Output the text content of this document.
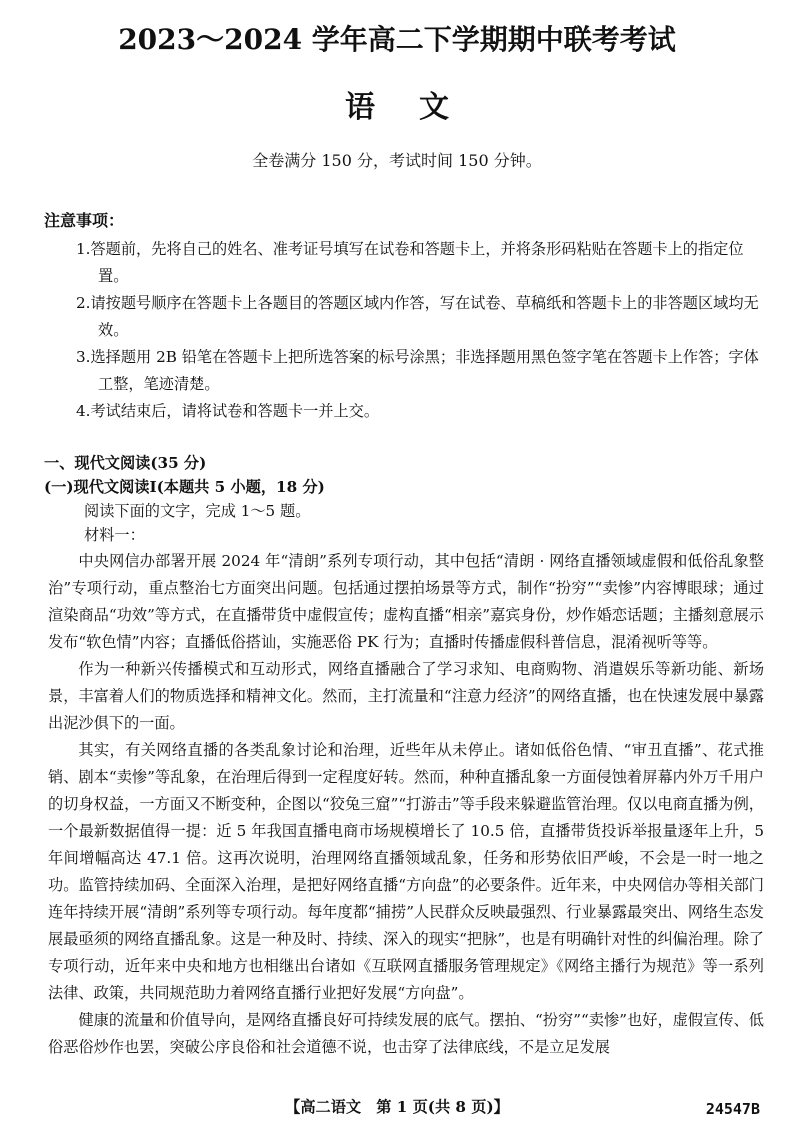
2023～2024 学年高二下学期期中联考考试
语文
全卷满分 150 分，考试时间 150 分钟。
注意事项：
1.答题前，先将自己的姓名、准考证号填写在试卷和答题卡上，并将条形码粘贴在答题卡上的指定位置。
2.请按题号顺序在答题卡上各题目的答题区域内作答，写在试卷、草稿纸和答题卡上的非答题区域均无效。
3.选择题用 2B 铅笔在答题卡上把所选答案的标号涂黑；非选择题用黑色签字笔在答题卡上作答；字体工整，笔迹清楚。
4.考试结束后，请将试卷和答题卡一并上交。
一、现代文阅读(35 分)
(一)现代文阅读Ⅰ(本题共 5 小题，18 分)
阅读下面的文字，完成 1～5 题。
材料一：

中央网信办部署开展 2024 年“清朗”系列专项行动，其中包括“清朗 · 网络直播领域虚假和低俗乱象整治”专项行动，重点整治七方面突出问题。包括通过摆拍场景等方式，制作“扮穷”“卖惨”内容博眼球；通过渲染商品“功效”等方式，在直播带货中虚假宣传；虚构直播“相亲”嘉宾身份，炒作婚恋话题；主播刻意展示发布“软色情”内容；直播低俗搭讪，实施恶俗 PK 行为；直播时传播虚假科普信息，混淆视听等等。

作为一种新兴传播模式和互动形式，网络直播融合了学习求知、电商购物、消遣娱乐等新功能、新场景，丰富着人们的物质选择和精神文化。然而，主打流量和“注意力经济”的网络直播，也在快速发展中暴露出泥沙俱下的一面。

其实，有关网络直播的各类乱象讨论和治理，近些年从未停止。诸如低俗色情、“审丑直播”、花式推销、剧本“卖惨”等乱象，在治理后得到一定程度好转。然而，种种直播乱象一方面侵蚀着屏幕内外万千用户的切身权益，一方面又不断变种，企图以“狡兔三窟”“打游击”等手段来躲避监管治理。仅以电商直播为例，一个最新数据值得一提：近 5 年我国直播电商市场规模增长了 10.5 倍，直播带货投诉举报量逐年上升，5 年间增幅高达 47.1 倍。这再次说明，治理网络直播领域乱象，任务和形势依旧严峻，不会是一时一地之功。监管持续加码、全面深入治理，是把好网络直播“方向盘”的必要条件。近年来，中央网信办等相关部门连年持续开展“清朗”系列等专项行动。每年度都“捕捞”人民群众反映最强烈、行业暴露最突出、网络生态发展最亟须的网络直播乱象。这是一种及时、持续、深入的现实“把脉”，也是有明确针对性的纠偏治理。除了专项行动，近年来中央和地方也相继出台诸如《互联网直播服务管理规定》《网络主播行为规范》等一系列法律、政策，共同规范助力着网络直播行业把好发展“方向盘”。

健康的流量和价值导向，是网络直播良好可持续发展的底气。摆拍、“扮穷”“卖惨”也好，虚假宣传、低俗恶俗炒作也罢，突破公序良俗和社会道德不说，也击穿了法律底线，不是立足发展

【高二语文　第 1 页(共 8 页)】	24547B
